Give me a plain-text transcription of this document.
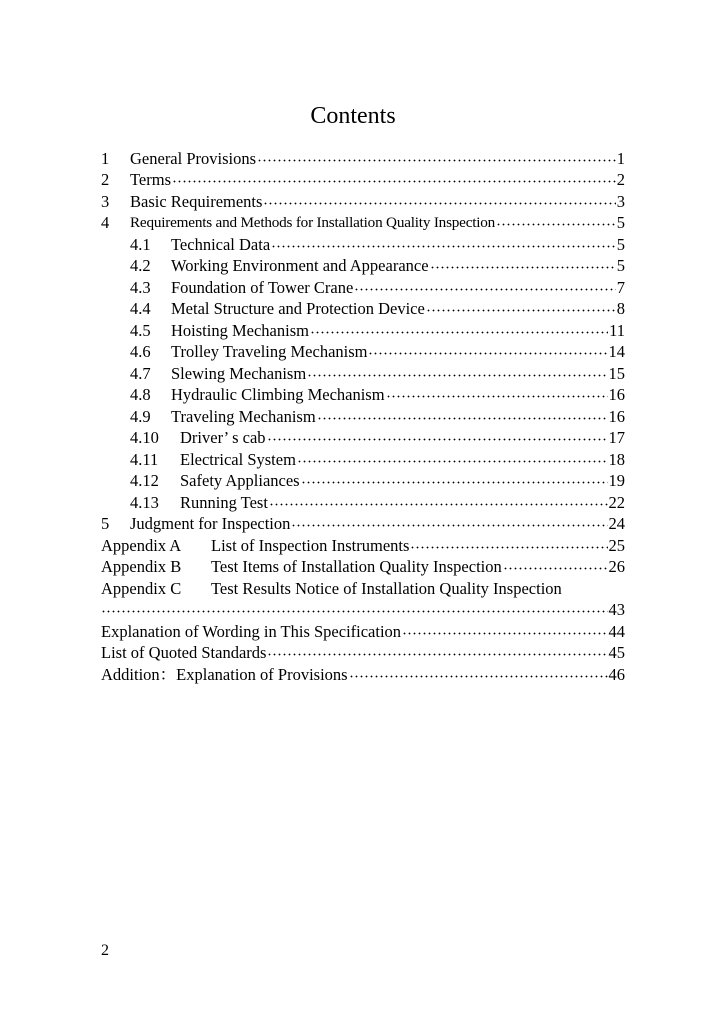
Contents
1	General Provisions	1
2	Terms	2
3	Basic Requirements	3
4	Requirements and Methods for Installation Quality Inspection	5
4.1	Technical Data	5
4.2	Working Environment and Appearance	5
4.3	Foundation of Tower Crane	7
4.4	Metal Structure and Protection Device	8
4.5	Hoisting Mechanism	11
4.6	Trolley Traveling Mechanism	14
4.7	Slewing Mechanism	15
4.8	Hydraulic Climbing Mechanism	16
4.9	Traveling Mechanism	16
4.10	Driver’ s cab	17
4.11	Electrical System	18
4.12	Safety Appliances	19
4.13	Running Test	22
5	Judgment for Inspection	24
Appendix A	List of Inspection Instruments	25
Appendix B	Test Items of Installation Quality Inspection	26
Appendix C	Test Results Notice of Installation Quality Inspection
43
Explanation of Wording in This Specification	44
List of Quoted Standards	45
Addition：Explanation of Provisions	46
2
